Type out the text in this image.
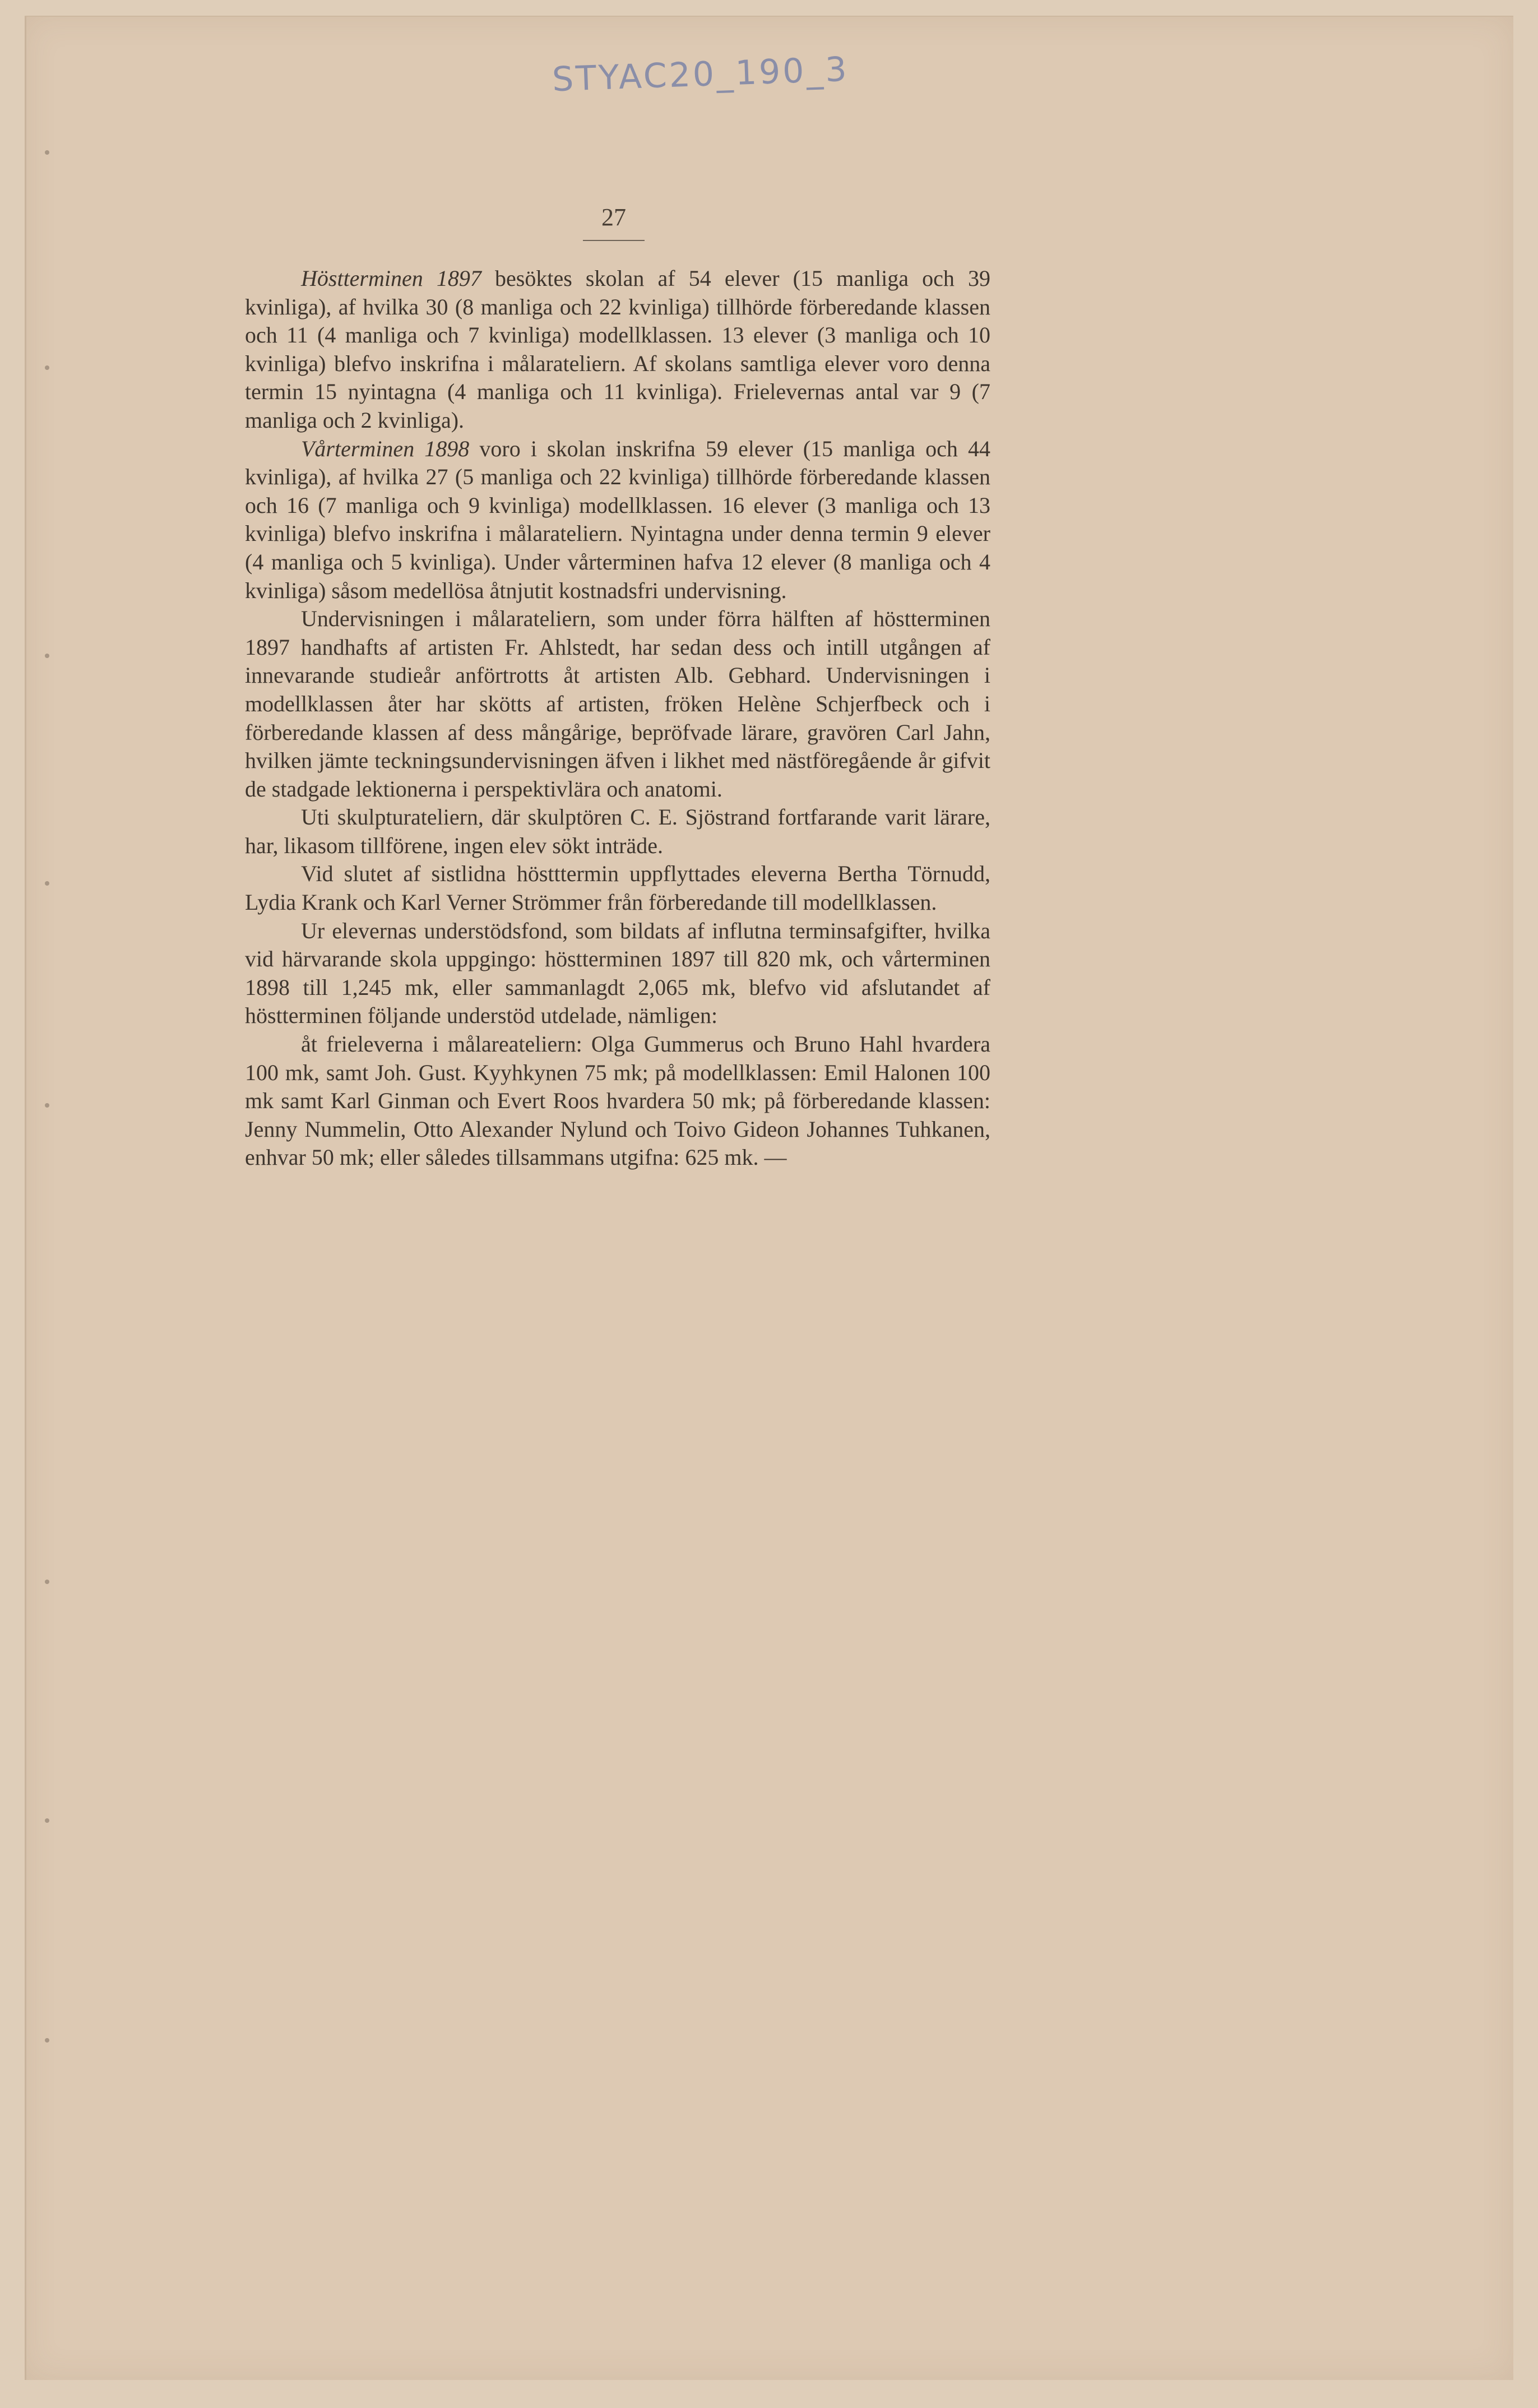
STYAC20_190_3
27

Höstterminen 1897 besöktes skolan af 54 elever (15 manliga och 39 kvinliga), af hvilka 30 (8 manliga och 22 kvinliga) tillhörde förberedande klassen och 11 (4 manliga och 7 kvinliga) modellklassen. 13 elever (3 manliga och 10 kvinliga) blefvo inskrifna i målarateliern. Af skolans samtliga elever voro denna termin 15 nyintagna (4 manliga och 11 kvinliga). Frielevernas antal var 9 (7 manliga och 2 kvinliga).

Vårterminen 1898 voro i skolan inskrifna 59 elever (15 manliga och 44 kvinliga), af hvilka 27 (5 manliga och 22 kvinliga) tillhörde förberedande klassen och 16 (7 manliga och 9 kvinliga) modellklassen. 16 elever (3 manliga och 13 kvinliga) blefvo inskrifna i målarateliern. Nyintagna under denna termin 9 elever (4 manliga och 5 kvinliga). Under vårterminen hafva 12 elever (8 manliga och 4 kvinliga) såsom medellösa åtnjutit kostnadsfri undervisning.

Undervisningen i målarateliern, som under förra hälften af höstterminen 1897 handhafts af artisten Fr. Ahlstedt, har sedan dess och intill utgången af innevarande studieår anförtrotts åt artisten Alb. Gebhard. Undervisningen i modellklassen åter har skötts af artisten, fröken Helène Schjerfbeck och i förberedande klassen af dess mångårige, bepröfvade lärare, gravören Carl Jahn, hvilken jämte teckningsundervisningen äfven i likhet med nästföregående år gifvit de stadgade lektionerna i perspektivlära och anatomi.

Uti skulpturateliern, där skulptören C. E. Sjöstrand fortfarande varit lärare, har, likasom tillförene, ingen elev sökt inträde.

Vid slutet af sistlidna höstttermin uppflyttades eleverna Bertha Törnudd, Lydia Krank och Karl Verner Strömmer från förberedande till modellklassen.

Ur elevernas understödsfond, som bildats af influtna terminsafgifter, hvilka vid härvarande skola uppgingo: höstterminen 1897 till 820 mk, och vårterminen 1898 till 1,245 mk, eller sammanlagdt 2,065 mk, blefvo vid afslutandet af höstterminen följande understöd utdelade, nämligen:

åt frieleverna i målareateliern: Olga Gummerus och Bruno Hahl hvardera 100 mk, samt Joh. Gust. Kyyhkynen 75 mk; på modellklassen: Emil Halonen 100 mk samt Karl Ginman och Evert Roos hvardera 50 mk; på förberedande klassen: Jenny Nummelin, Otto Alexander Nylund och Toivo Gideon Johannes Tuhkanen, enhvar 50 mk; eller således tillsammans utgifna: 625 mk. —
